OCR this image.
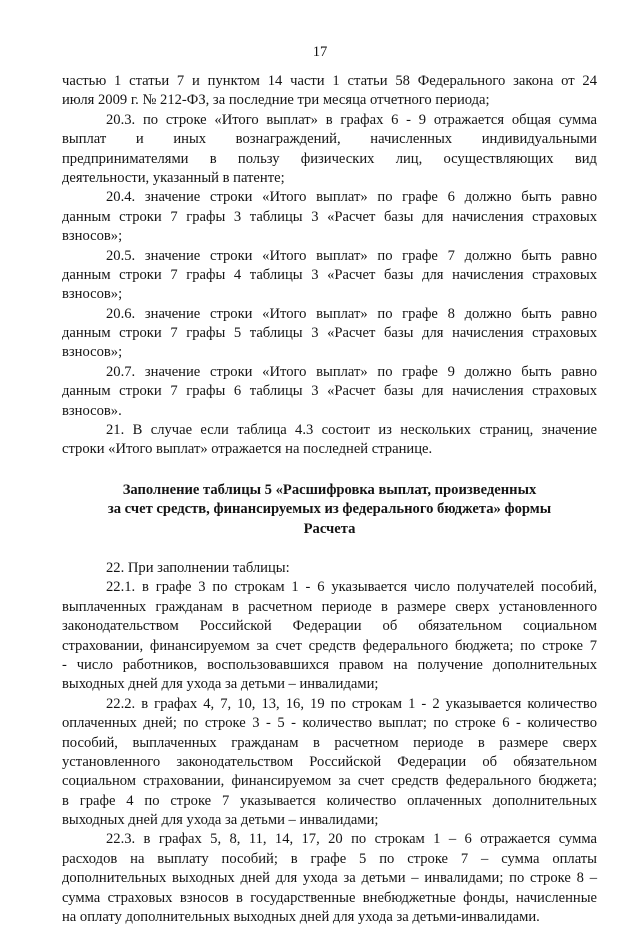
17
частью 1 статьи 7 и пунктом 14 части 1 статьи 58 Федерального закона от 24
июля 2009 г. № 212-ФЗ, за последние три месяца отчетного периода;
20.3. по строке «Итого выплат» в графах 6 - 9 отражается общая сумма
выплат и иных вознаграждений, начисленных индивидуальными
предпринимателями в пользу физических лиц, осуществляющих вид
деятельности, указанный в патенте;
20.4. значение строки «Итого выплат» по графе 6 должно быть равно
данным строки 7 графы 3 таблицы 3 «Расчет базы для начисления страховых
взносов»;
20.5. значение строки «Итого выплат» по графе 7 должно быть равно
данным строки 7 графы 4 таблицы 3 «Расчет базы для начисления страховых
взносов»;
20.6. значение строки «Итого выплат» по графе 8 должно быть равно
данным строки 7 графы 5 таблицы 3 «Расчет базы для начисления страховых
взносов»;
20.7. значение строки «Итого выплат» по графе 9 должно быть равно
данным строки 7 графы 6 таблицы 3 «Расчет базы для начисления страховых
взносов».
21. В случае если таблица 4.3 состоит из нескольких страниц, значение
строки «Итого выплат» отражается на последней странице.
Заполнение таблицы 5 «Расшифровка выплат, произведенных
за счет средств, финансируемых из федерального бюджета» формы
Расчета
22. При заполнении таблицы:
22.1. в графе 3 по строкам 1 - 6 указывается число получателей пособий,
выплаченных гражданам в расчетном периоде в размере сверх установленного
законодательством Российской Федерации об обязательном социальном
страховании, финансируемом за счет средств федерального бюджета; по строке 7
- число работников, воспользовавшихся правом на получение дополнительных
выходных дней для ухода за детьми – инвалидами;
22.2. в графах 4, 7, 10, 13, 16, 19 по строкам 1 - 2 указывается количество
оплаченных дней; по строке 3 - 5 - количество выплат; по строке 6 - количество
пособий, выплаченных гражданам в расчетном периоде в размере сверх
установленного законодательством Российской Федерации об обязательном
социальном страховании, финансируемом за счет средств федерального бюджета;
в графе 4 по строке 7 указывается количество оплаченных дополнительных
выходных дней для ухода за детьми – инвалидами;
22.3. в графах 5, 8, 11, 14, 17, 20 по строкам 1 – 6 отражается сумма
расходов на выплату пособий; в графе 5 по строке 7 – сумма оплаты
дополнительных выходных дней для ухода за детьми – инвалидами; по строке 8 –
сумма страховых взносов в государственные внебюджетные фонды, начисленные
на оплату дополнительных выходных дней для ухода за детьми-инвалидами.
